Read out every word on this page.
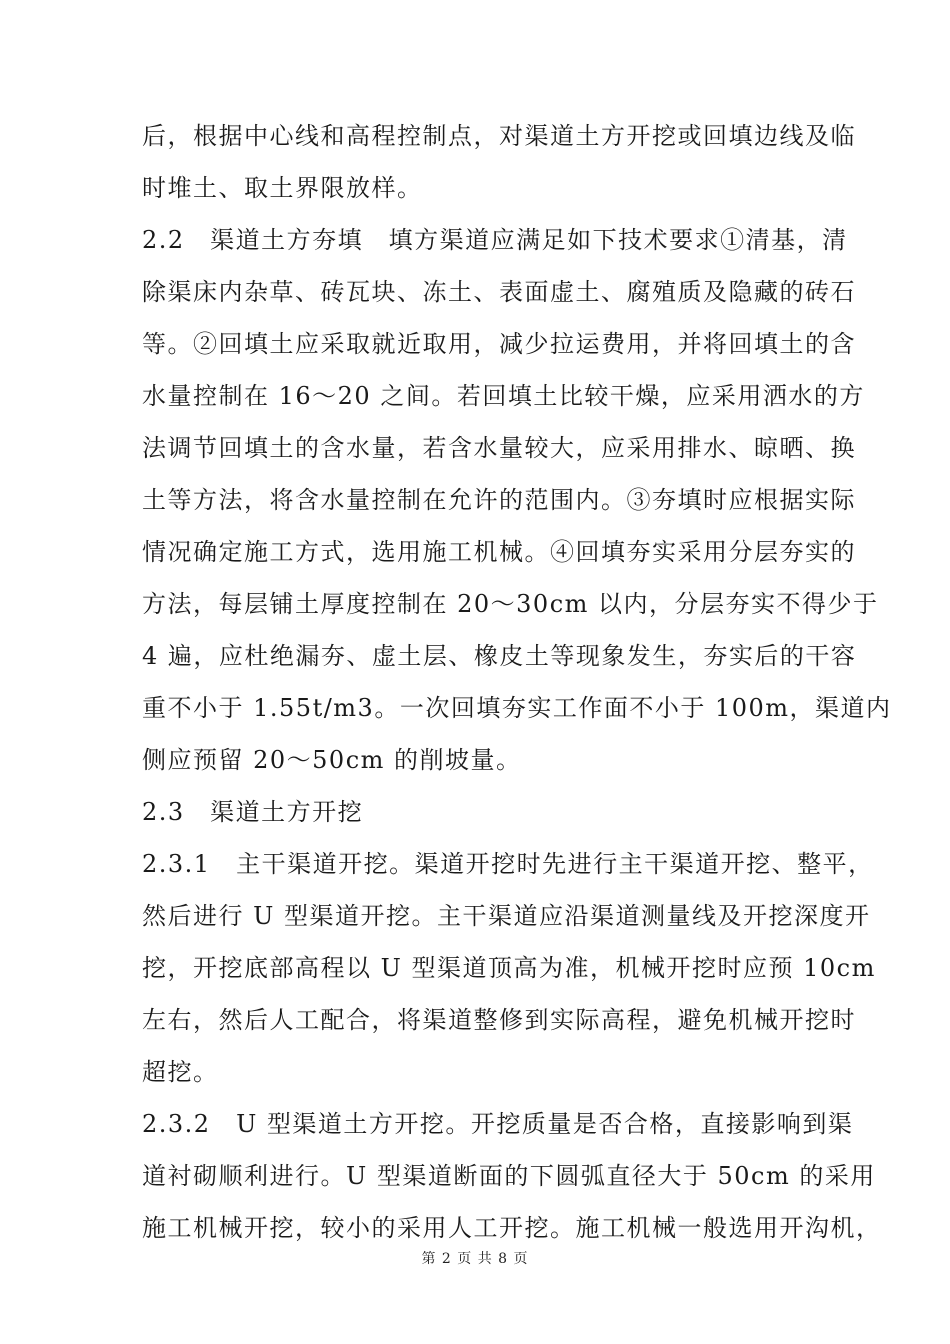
后，根据中心线和高程控制点，对渠道土方开挖或回填边线及临
时堆土、取土界限放样。
2.2　渠道土方夯填　填方渠道应满足如下技术要求①清基，清
除渠床内杂草、砖瓦块、冻土、表面虚土、腐殖质及隐藏的砖石
等。②回填土应采取就近取用，减少拉运费用，并将回填土的含
水量控制在 16～20 之间。若回填土比较干燥，应采用洒水的方
法调节回填土的含水量，若含水量较大，应采用排水、晾晒、换
土等方法，将含水量控制在允许的范围内。③夯填时应根据实际
情况确定施工方式，选用施工机械。④回填夯实采用分层夯实的
方法，每层铺土厚度控制在 20～30cm 以内，分层夯实不得少于
4 遍，应杜绝漏夯、虚土层、橡皮土等现象发生，夯实后的干容
重不小于 1.55t/m3。一次回填夯实工作面不小于 100m，渠道内
侧应预留 20～50cm 的削坡量。
2.3　渠道土方开挖
2.3.1　主干渠道开挖。渠道开挖时先进行主干渠道开挖、整平，
然后进行 U 型渠道开挖。主干渠道应沿渠道测量线及开挖深度开
挖，开挖底部高程以 U 型渠道顶高为准，机械开挖时应预 10cm
左右，然后人工配合，将渠道整修到实际高程，避免机械开挖时
超挖。
2.3.2　U 型渠道土方开挖。开挖质量是否合格，直接影响到渠
道衬砌顺利进行。U 型渠道断面的下圆弧直径大于 50cm 的采用
施工机械开挖，较小的采用人工开挖。施工机械一般选用开沟机，
第 2 页 共 8 页
